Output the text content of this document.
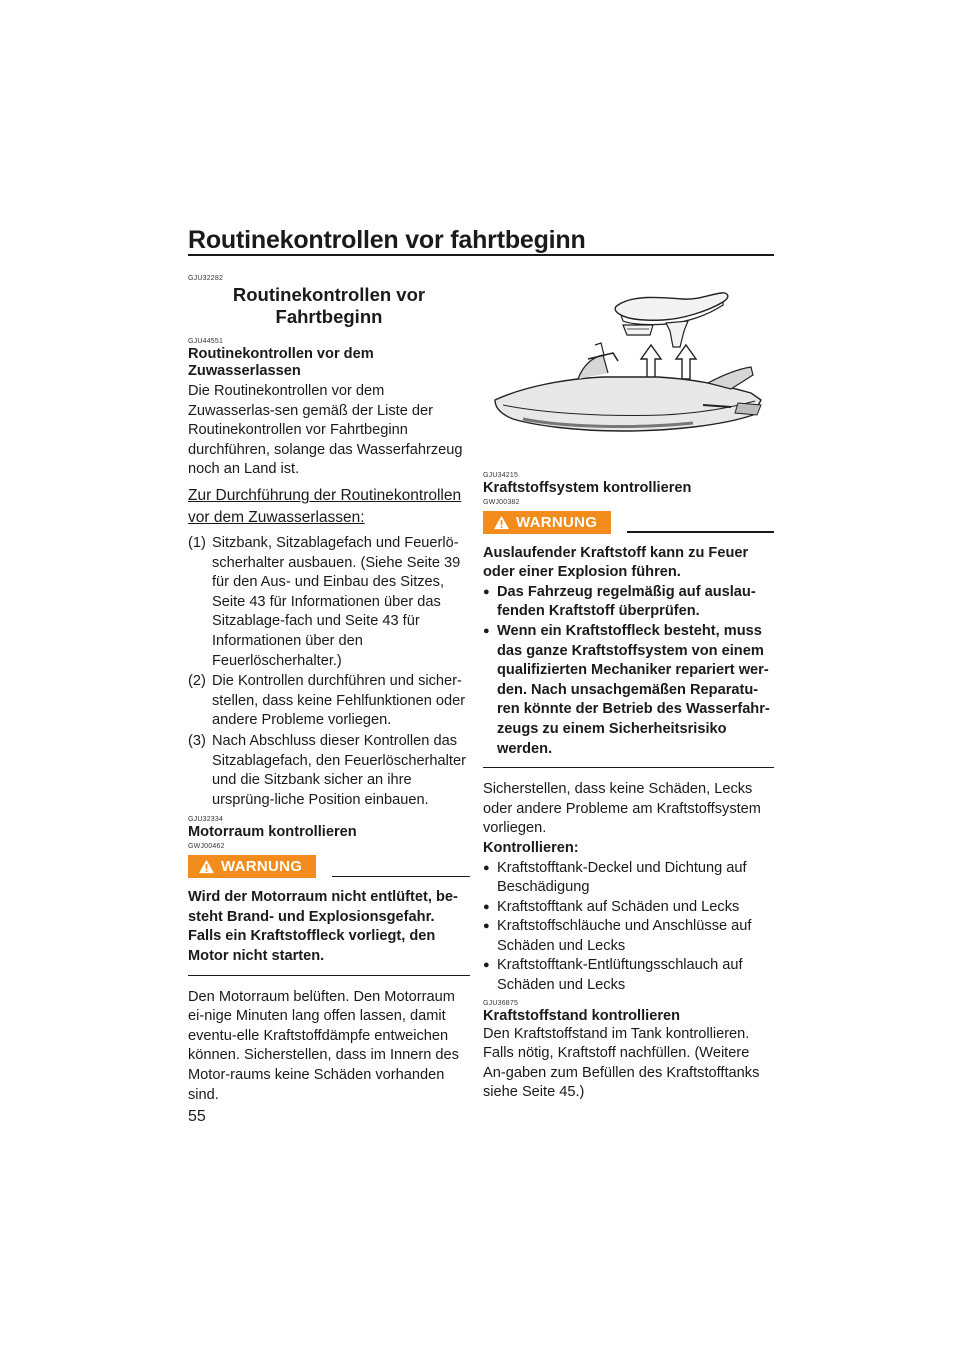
Routinekontrollen vor fahrtbeginn
GJU32282
Routinekontrollen vor
Fahrtbeginn
GJU44551
Routinekontrollen vor dem
Zuwasserlassen

Die Routinekontrollen vor dem Zuwasserlas-sen gemäß der Liste der Routinekontrollen vor Fahrtbeginn durchführen, solange das Wasserfahrzeug noch an Land ist.

Zur Durchführung der Routinekontrollen vor dem Zuwasserlassen:
(1) Sitzbank, Sitzablagefach und Feuerlö-scherhalter ausbauen. (Siehe Seite 39 für den Aus- und Einbau des Sitzes, Seite 43 für Informationen über das Sitzablage-fach und Seite 43 für Informationen über den Feuerlöscherhalter.)
(2) Die Kontrollen durchführen und sicher-stellen, dass keine Fehlfunktionen oder andere Probleme vorliegen.
(3) Nach Abschluss dieser Kontrollen das Sitzablagefach, den Feuerlöscherhalter und die Sitzbank sicher an ihre ursprüng-liche Position einbauen.
GJU32334
Motorraum kontrollieren
GWJ00462
WARNUNG
Wird der Motorraum nicht entlüftet, be-steht Brand- und Explosionsgefahr. Falls ein Kraftstoffleck vorliegt, den Motor nicht starten.

Den Motorraum belüften. Den Motorraum ei-nige Minuten lang offen lassen, damit eventu-elle Kraftstoffdämpfe entweichen können. Sicherstellen, dass im Innern des Motor-raums keine Schäden vorhanden sind.

GJU34215
Kraftstoffsystem kontrollieren
GWJ00382
WARNUNG

Auslaufender Kraftstoff kann zu Feuer oder einer Explosion führen.

● Das Fahrzeug regelmäßig auf auslau-fenden Kraftstoff überprüfen.
● Wenn ein Kraftstoffleck besteht, muss das ganze Kraftstoffsystem von einem qualifizierten Mechaniker repariert wer-den. Nach unsachgemäßen Reparatu-ren könnte der Betrieb des Wasserfahr-zeugs zu einem Sicherheitsrisiko werden.

Sicherstellen, dass keine Schäden, Lecks oder andere Probleme am Kraftstoffsystem vorliegen.

Kontrollieren:

● Kraftstofftank-Deckel und Dichtung auf Beschädigung
● Kraftstofftank auf Schäden und Lecks
● Kraftstoffschläuche und Anschlüsse auf Schäden und Lecks
● Kraftstofftank-Entlüftungsschlauch auf Schäden und Lecks
GJU36875
Kraftstoffstand kontrollieren

Den Kraftstoffstand im Tank kontrollieren. Falls nötig, Kraftstoff nachfüllen. (Weitere An-gaben zum Befüllen des Kraftstofftanks siehe Seite 45.)

55
